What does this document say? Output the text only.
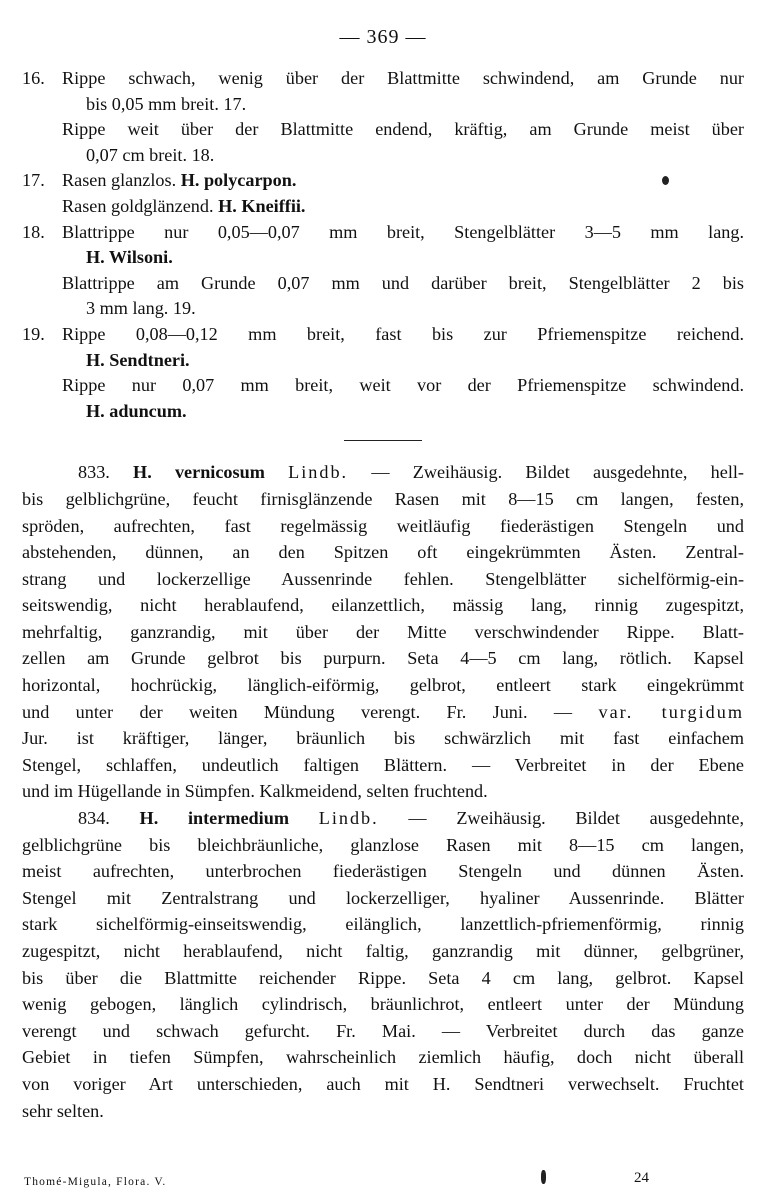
— 369 —
16. Rippe schwach, wenig über der Blattmitte schwindend, am Grunde nur
bis 0,05 mm breit. 17.
Rippe weit über der Blattmitte endend, kräftig, am Grunde meist über
0,07 cm breit. 18.
17. Rasen glanzlos. H. polycarpon.
Rasen goldglänzend. H. Kneiffii.
18. Blattrippe nur 0,05—0,07 mm breit, Stengelblätter 3—5 mm lang.
H. Wilsoni.
Blattrippe am Grunde 0,07 mm und darüber breit, Stengelblätter 2 bis
3 mm lang. 19.
19. Rippe 0,08—0,12 mm breit, fast bis zur Pfriemenspitze reichend.
H. Sendtneri.
Rippe nur 0,07 mm breit, weit vor der Pfriemenspitze schwindend.
H. aduncum.
833. H. vernicosum Lindb. — Zweihäusig. Bildet ausgedehnte, hell-
bis gelblichgrüne, feucht firnisglänzende Rasen mit 8—15 cm langen, festen,
spröden, aufrechten, fast regelmässig weitläufig fiederästigen Stengeln und
abstehenden, dünnen, an den Spitzen oft eingekrümmten Ästen. Zentral-
strang und lockerzellige Aussenrinde fehlen. Stengelblätter sichelförmig-ein-
seitswendig, nicht herablaufend, eilanzettlich, mässig lang, rinnig zugespitzt,
mehrfaltig, ganzrandig, mit über der Mitte verschwindender Rippe. Blatt-
zellen am Grunde gelbrot bis purpurn. Seta 4—5 cm lang, rötlich. Kapsel
horizontal, hochrückig, länglich-eiförmig, gelbrot, entleert stark eingekrümmt
und unter der weiten Mündung verengt. Fr. Juni. — var. turgidum
Jur. ist kräftiger, länger, bräunlich bis schwärzlich mit fast einfachem
Stengel, schlaffen, undeutlich faltigen Blättern. — Verbreitet in der Ebene
und im Hügellande in Sümpfen. Kalkmeidend, selten fruchtend.
834. H. intermedium Lindb. — Zweihäusig. Bildet ausgedehnte,
gelblichgrüne bis bleichbräunliche, glanzlose Rasen mit 8—15 cm langen,
meist aufrechten, unterbrochen fiederästigen Stengeln und dünnen Ästen.
Stengel mit Zentralstrang und lockerzelliger, hyaliner Aussenrinde. Blätter
stark sichelförmig-einseitswendig, eilänglich, lanzettlich-pfriemenförmig, rinnig
zugespitzt, nicht herablaufend, nicht faltig, ganzrandig mit dünner, gelbgrüner,
bis über die Blattmitte reichender Rippe. Seta 4 cm lang, gelbrot. Kapsel
wenig gebogen, länglich cylindrisch, bräunlichrot, entleert unter der Mündung
verengt und schwach gefurcht. Fr. Mai. — Verbreitet durch das ganze
Gebiet in tiefen Sümpfen, wahrscheinlich ziemlich häufig, doch nicht überall
von voriger Art unterschieden, auch mit H. Sendtneri verwechselt. Fruchtet
sehr selten.
Thomé-Migula, Flora. V.	24
